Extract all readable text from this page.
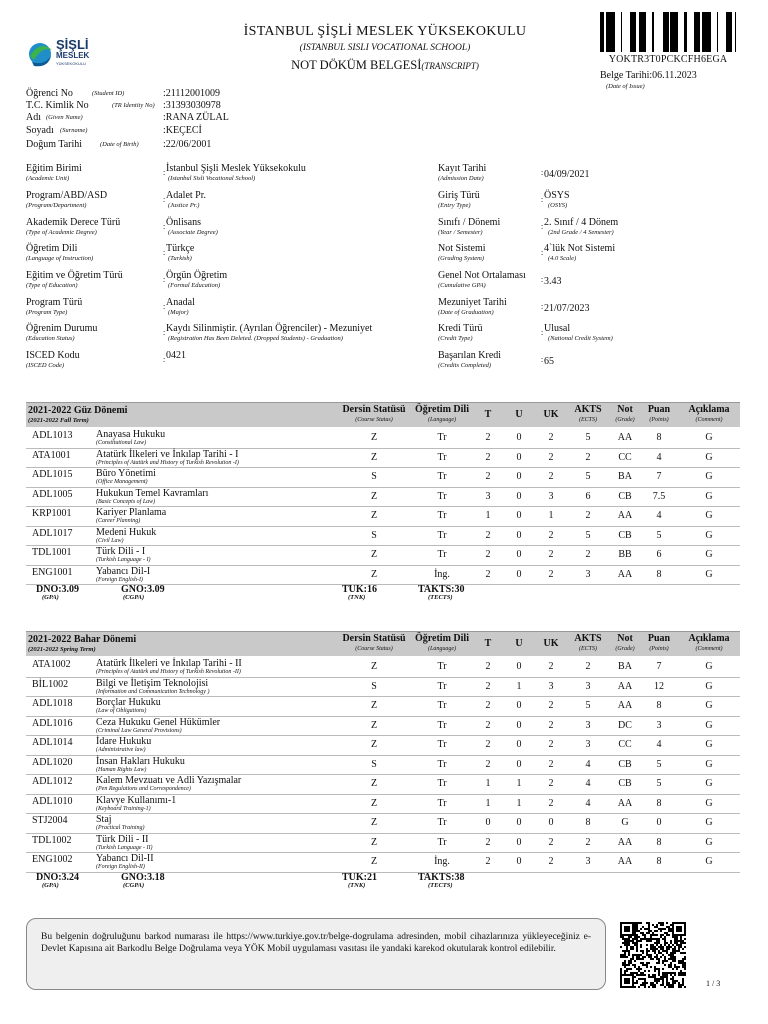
ŞİŞLİ
MESLEK
YÜKSEKOKULU
İSTANBUL ŞİŞLİ MESLEK YÜKSEKOKULU
(ISTANBUL SISLI VOCATIONAL SCHOOL)
NOT DÖKÜM BELGESİ(TRANSCRIPT)
YOKTR3T0PCKCFH6EGA
Belge Tarihi:06.11.2023
(Date of Issue)
Öğrenci No	(Student ID)	:21112001009
T.C. Kimlik No	(TR Identity No) :31393030978
Adı (Given Name)	:RANA ZÜLAL
Soyadı (Surname)	:KEÇECİ
Doğum Tarihi	(Date of Birth) :22/06/2001
Eğitim Birimi
(Academic Unit)
: İstanbul Şişli Meslek Yüksekokulu
(Istanbul Sisli Vocational School)
Program/ABD/ASD
(Program/Department)
: Adalet Pr.
(Justice Pr.)
Akademik Derece Türü
(Type of Academic Degree)
: Önlisans
(Associate Degree)
Öğretim Dili
(Language of Instruction)
: Türkçe
(Turkish)
Eğitim ve Öğretim Türü
(Type of Education)
: Örgün Öğretim
(Formal Education)
Program Türü
(Program Type)
: Anadal
(Major)
Öğrenim Durumu
(Education Status)
: Kaydı Silinmiştir. (Ayrılan Öğrenciler) - Mezuniyet
(Registration Has Been Deleted. (Dropped Students) - Graduation)
ISCED Kodu
(ISCED Code)
: 0421
Kayıt Tarihi
(Admission Date)
: 04/09/2021
Giriş Türü
(Entry Type)
: ÖSYS
(OSYS)
Sınıfı / Dönemi
(Year / Semester)
: 2. Sınıf / 4 Dönem
(2nd Grade / 4 Semester)
Not Sistemi
(Grading System)
: 4`lük Not Sistemi
(4.0 Scale)
Genel Not Ortalaması
(Cumulative GPA)
: 3.43
Mezuniyet Tarihi
(Date of Graduation)
: 21/07/2023
Kredi Türü
(Credit Type)
: Ulusal
(National Credit System)
Başarılan Kredi
(Credits Completed)
: 65
2021-2022 Güz Dönemi
(2021-2022 Fall Term)
Dersin Statüsü
(Course Status)
Öğretim Dili
(Language)	T	U	UK	AKTS
(ECTS)
Not
(Grade)
Puan
(Points)
Açıklama
(Comment)
ADL1013 Anayasa Hukuku
(Constitutional Law)	Z	Tr	2	0	2	5	AA	8	G
ATA1001	Atatürk İlkeleri ve İnkılap Tarihi - I
(Principles of Atatürk and History of Turkish Revolution -I)	Z	Tr	2	0	2	2	CC	4	G
ADL1015 Büro Yönetimi
(Office Management)	S	Tr	2	0	2	5	BA	7	G
ADL1005 Hukukun Temel Kavramları
(Basic Concepts of Law)	Z	Tr	3	0	3	6	CB	7.5	G
KRP1001 Kariyer Planlama
(Career Planning)	Z	Tr	1	0	1	2	AA	4	G
ADL1017 Medeni Hukuk
(Civil Law)	S	Tr	2	0	2	5	CB	5	G
TDL1001 Türk Dili - I
(Turkish Language - I)	Z	Tr	2	0	2	2	BB	6	G
ENG1001 Yabancı Dil-I
(Foreign English-I)	Z	İng.	2	0	2	3	AA	8	G
DNO:3.09
(GPA)
GNO:3.09
(CGPA)
TUK:16
(TNK)
TAKTS:30
(TECTS)
2021-2022 Bahar Dönemi
(2021-2022 Spring Term)
Dersin Statüsü
(Course Status)
Öğretim Dili
(Language)	T	U	UK	AKTS
(ECTS)
Not
(Grade)
Puan
(Points)
Açıklama
(Comment)
ATA1002	Atatürk İlkeleri ve İnkılap Tarihi - II
(Principles of Atatürk and History of Turkish Revolution -II)	Z	Tr	2	0	2	2	BA	7	G
BİL1002	Bilgi ve İletişim Teknolojisi
(Information and Communication Technology )	S	Tr	2	1	3	3	AA	12	G
ADL1018 Borçlar Hukuku
(Law of Obligations)	Z	Tr	2	0	2	5	AA	8	G
ADL1016 Ceza Hukuku Genel Hükümler
(Criminal Law General Provisions)	Z	Tr	2	0	2	3	DC	3	G
ADL1014 İdare Hukuku
(Administrative law)	Z	Tr	2	0	2	3	CC	4	G
ADL1020 İnsan Hakları Hukuku
(Human Rights Law)	S	Tr	2	0	2	4	CB	5	G
ADL1012 Kalem Mevzuatı ve Adli Yazışmalar
(Pen Regulations and Correspondence)	Z	Tr	1	1	2	4	CB	5	G
ADL1010 Klavye Kullanımı-1
(Keyboard Training-1)	Z	Tr	1	1	2	4	AA	8	G
STJ2004	Staj
(Practical Training)	Z	Tr	0	0	0	8	G	0	G
TDL1002 Türk Dili - II
(Turkish Language - II)	Z	Tr	2	0	2	2	AA	8	G
ENG1002 Yabancı Dil-II
(Foreign English-II)	Z	İng.	2	0	2	3	AA	8	G
DNO:3.24
(GPA)
GNO:3.18
(CGPA)
TUK:21
(TNK)
TAKTS:38
(TECTS)
Bu belgenin doğruluğunu barkod numarası ile https://www.turkiye.gov.tr/belge-dogrulama adresinden, mobil cihazlarınıza yükleyeceğiniz e-Devlet Kapısına ait Barkodlu Belge Doğrulama veya YÖK Mobil uygulaması vasıtası ile yandaki karekod okutularak kontrol edilebilir.
1 / 3
